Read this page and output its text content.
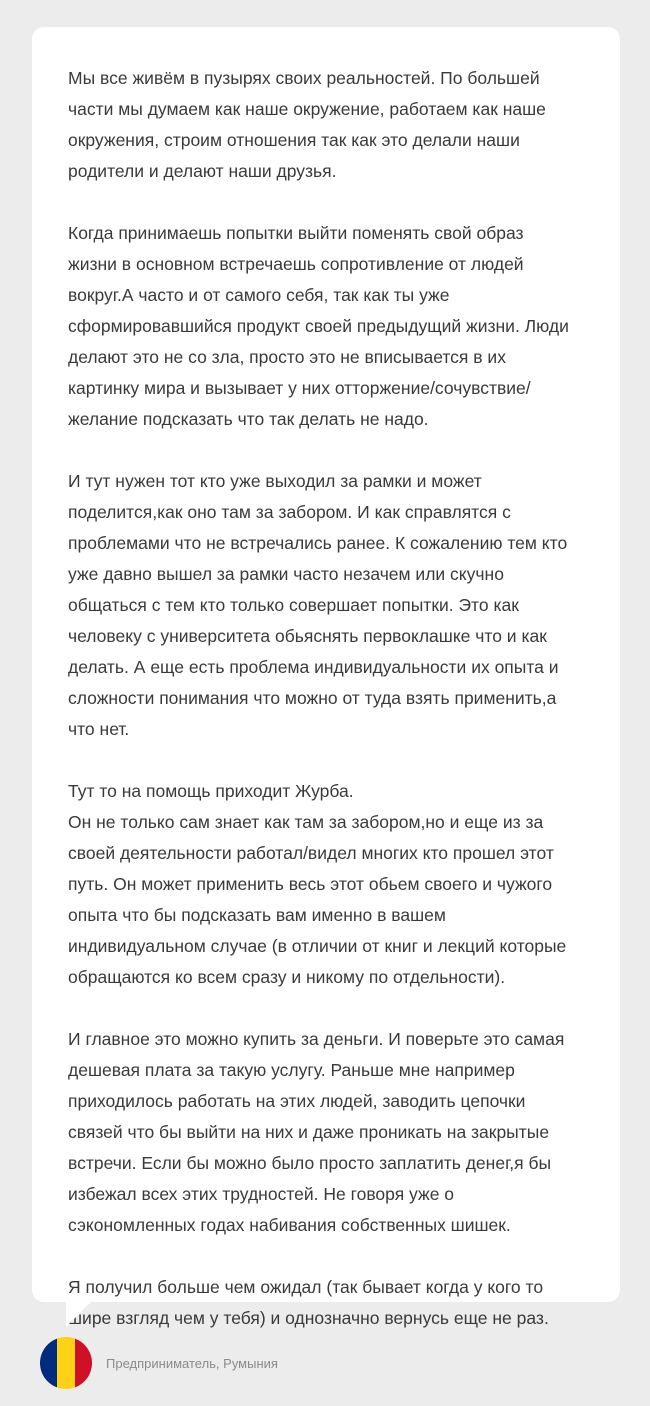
Мы все живём в пузырях своих реальностей. По большей
части мы думаем как наше окружение, работаем как наше
окружения, строим отношения так как это делали наши
родители и делают наши друзья.

Когда принимаешь попытки выйти поменять свой образ
жизни в основном встречаешь сопротивление от людей
вокруг.А часто и от самого себя, так как ты уже
сформировавшийся продукт своей предыдущий жизни. Люди
делают это не со зла, просто это не вписывается в их
картинку мира и вызывает у них отторжение/сочувствие/
желание подсказать что так делать не надо.

И тут нужен тот кто уже выходил за рамки и может
поделится,как оно там за забором. И как справлятся с
проблемами что не встречались ранее. К сожалению тем кто
уже давно вышел за рамки часто незачем или скучно
общаться с тем кто только совершает попытки. Это как
человеку с университета обьяснять первоклашке что и как
делать. А еще есть проблема индивидуальности их опыта и
сложности понимания что можно от туда взять применить,а
что нет.

Тут то на помощь приходит Журба.
Он не только сам знает как там за забором,но и еще из за
своей деятельности работал/видел многих кто прошел этот
путь. Он может применить весь этот обьем своего и чужого
опыта что бы подсказать вам именно в вашем
индивидуальном случае (в отличии от книг и лекций которые
обращаются ко всем сразу и никому по отдельности).

И главное это можно купить за деньги. И поверьте это самая
дешевая плата за такую услугу. Раньше мне например
приходилось работать на этих людей, заводить цепочки
связей что бы выйти на них и даже проникать на закрытые
встречи. Если бы можно было просто заплатить денег,я бы
избежал всех этих трудностей. Не говоря уже о
сэкономленных годах набивания собственных шишек.

Я получил больше чем ожидал (так бывает когда у кого то
шире взгляд чем у тебя) и однозначно вернусь еще не раз.

Предприниматель, Румыния
